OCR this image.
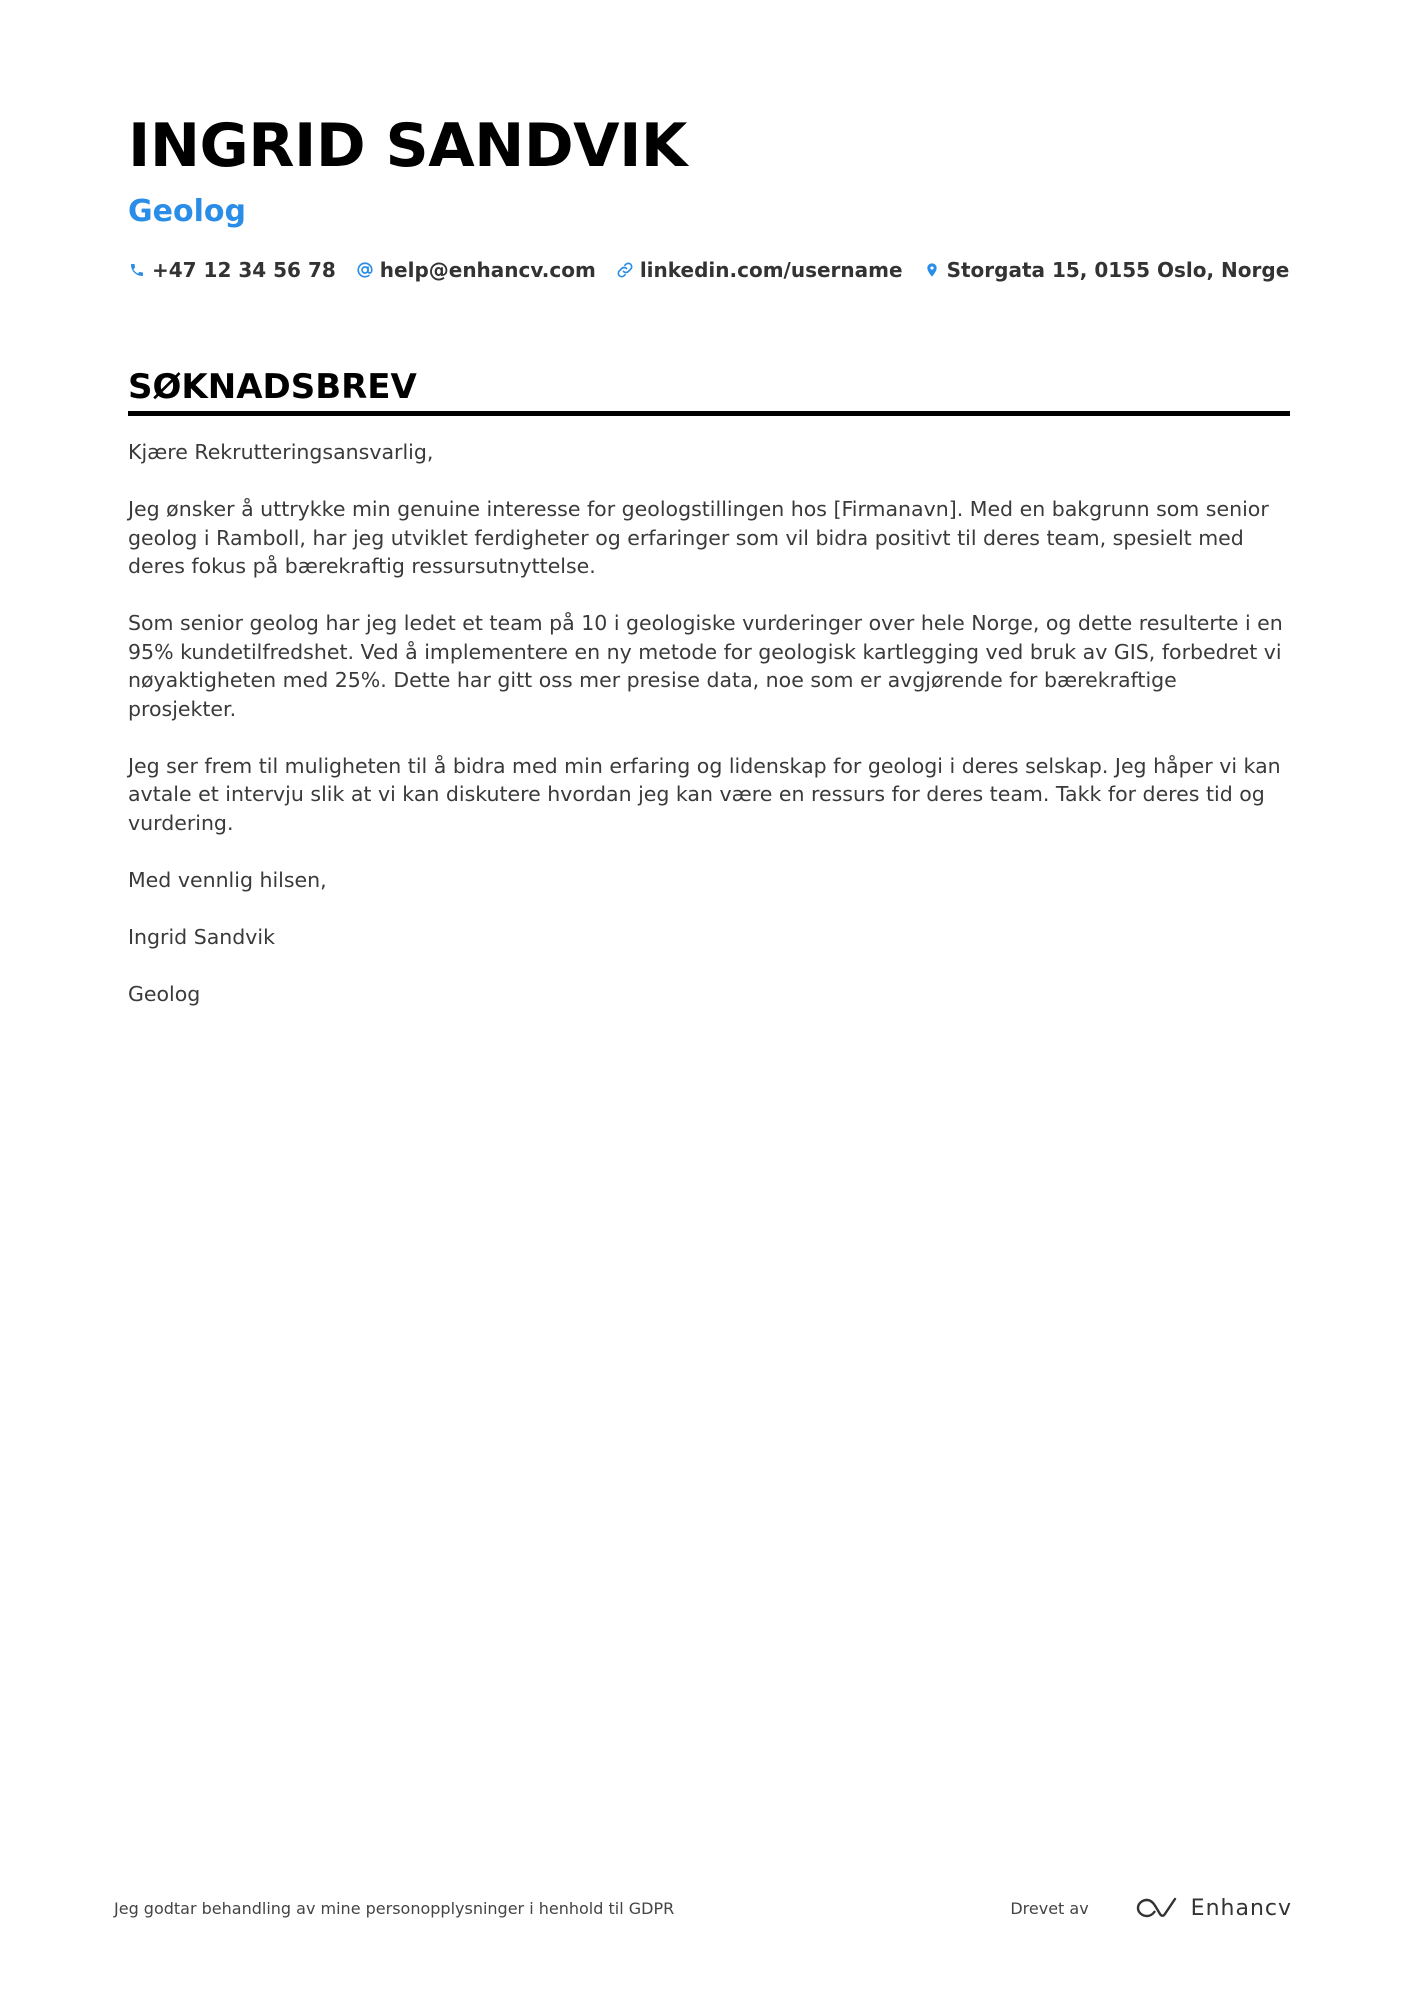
INGRID SANDVIK
Geolog
+47 12 34 56 78 help@enhancv.com linkedin.com/username Storgata 15, 0155 Oslo, Norge
SØKNADSBREV

Kjære Rekrutteringsansvarlig,

Jeg ønsker å uttrykke min genuine interesse for geologstillingen hos [Firmanavn]. Med en bakgrunn som senior geolog i Ramboll, har jeg utviklet ferdigheter og erfaringer som vil bidra positivt til deres team, spesielt med deres fokus på bærekraftig ressursutnyttelse.

Som senior geolog har jeg ledet et team på 10 i geologiske vurderinger over hele Norge, og dette resulterte i en 95% kundetilfredshet. Ved å implementere en ny metode for geologisk kartlegging ved bruk av GIS, forbedret vi nøyaktigheten med 25%. Dette har gitt oss mer presise data, noe som er avgjørende for bærekraftige prosjekter.

Jeg ser frem til muligheten til å bidra med min erfaring og lidenskap for geologi i deres selskap. Jeg håper vi kan avtale et intervju slik at vi kan diskutere hvordan jeg kan være en ressurs for deres team. Takk for deres tid og vurdering.

Med vennlig hilsen,

Ingrid Sandvik

Geolog

Jeg godtar behandling av mine personopplysninger i henhold til GDPR	Drevet av	Enhancv
